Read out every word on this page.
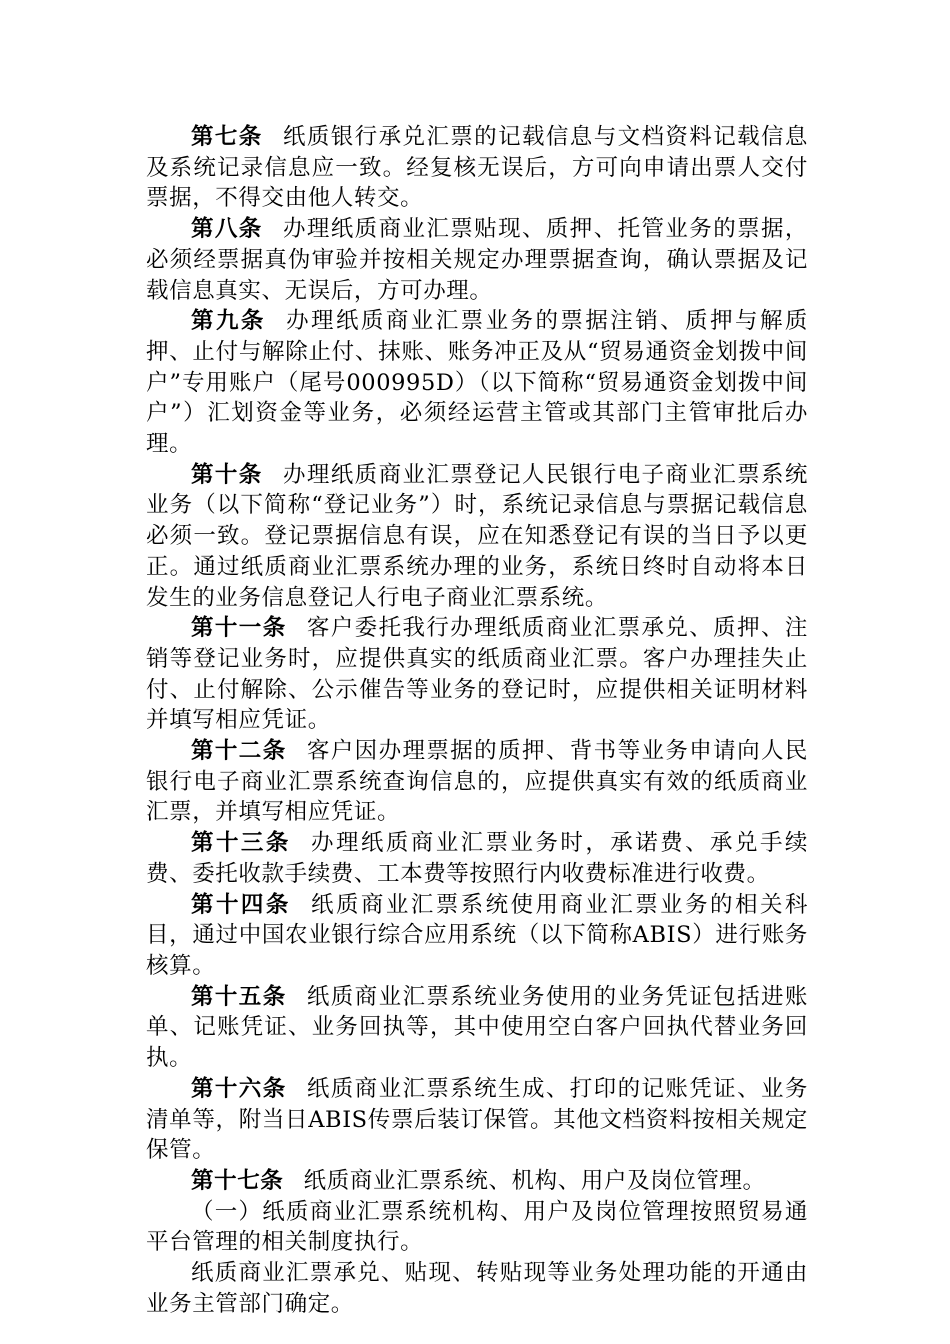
第七条 纸质银行承兑汇票的记载信息与文档资料记载信息及系统记录信息应一致。经复核无误后，方可向申请出票人交付票据，不得交由他人转交。

第八条 办理纸质商业汇票贴现、质押、托管业务的票据，必须经票据真伪审验并按相关规定办理票据查询，确认票据及记载信息真实、无误后，方可办理。

第九条 办理纸质商业汇票业务的票据注销、质押与解质押、止付与解除止付、抹账、账务冲正及从“贸易通资金划拨中间户”专用账户（尾号000995D）（以下简称“贸易通资金划拨中间户”）汇划资金等业务，必须经运营主管或其部门主管审批后办理。

第十条 办理纸质商业汇票登记人民银行电子商业汇票系统业务（以下简称“登记业务”）时，系统记录信息与票据记载信息必须一致。登记票据信息有误，应在知悉登记有误的当日予以更正。通过纸质商业汇票系统办理的业务，系统日终时自动将本日发生的业务信息登记人行电子商业汇票系统。

第十一条 客户委托我行办理纸质商业汇票承兑、质押、注销等登记业务时，应提供真实的纸质商业汇票。客户办理挂失止付、止付解除、公示催告等业务的登记时，应提供相关证明材料并填写相应凭证。

第十二条 客户因办理票据的质押、背书等业务申请向人民银行电子商业汇票系统查询信息的，应提供真实有效的纸质商业汇票，并填写相应凭证。

第十三条 办理纸质商业汇票业务时，承诺费、承兑手续费、委托收款手续费、工本费等按照行内收费标准进行收费。

第十四条 纸质商业汇票系统使用商业汇票业务的相关科目，通过中国农业银行综合应用系统（以下简称ABIS）进行账务核算。

第十五条 纸质商业汇票系统业务使用的业务凭证包括进账单、记账凭证、业务回执等，其中使用空白客户回执代替业务回执。

第十六条 纸质商业汇票系统生成、打印的记账凭证、业务清单等，附当日ABIS传票后装订保管。其他文档资料按相关规定保管。

第十七条 纸质商业汇票系统、机构、用户及岗位管理。

（一）纸质商业汇票系统机构、用户及岗位管理按照贸易通平台管理的相关制度执行。

纸质商业汇票承兑、贴现、转贴现等业务处理功能的开通由业务主管部门确定。
